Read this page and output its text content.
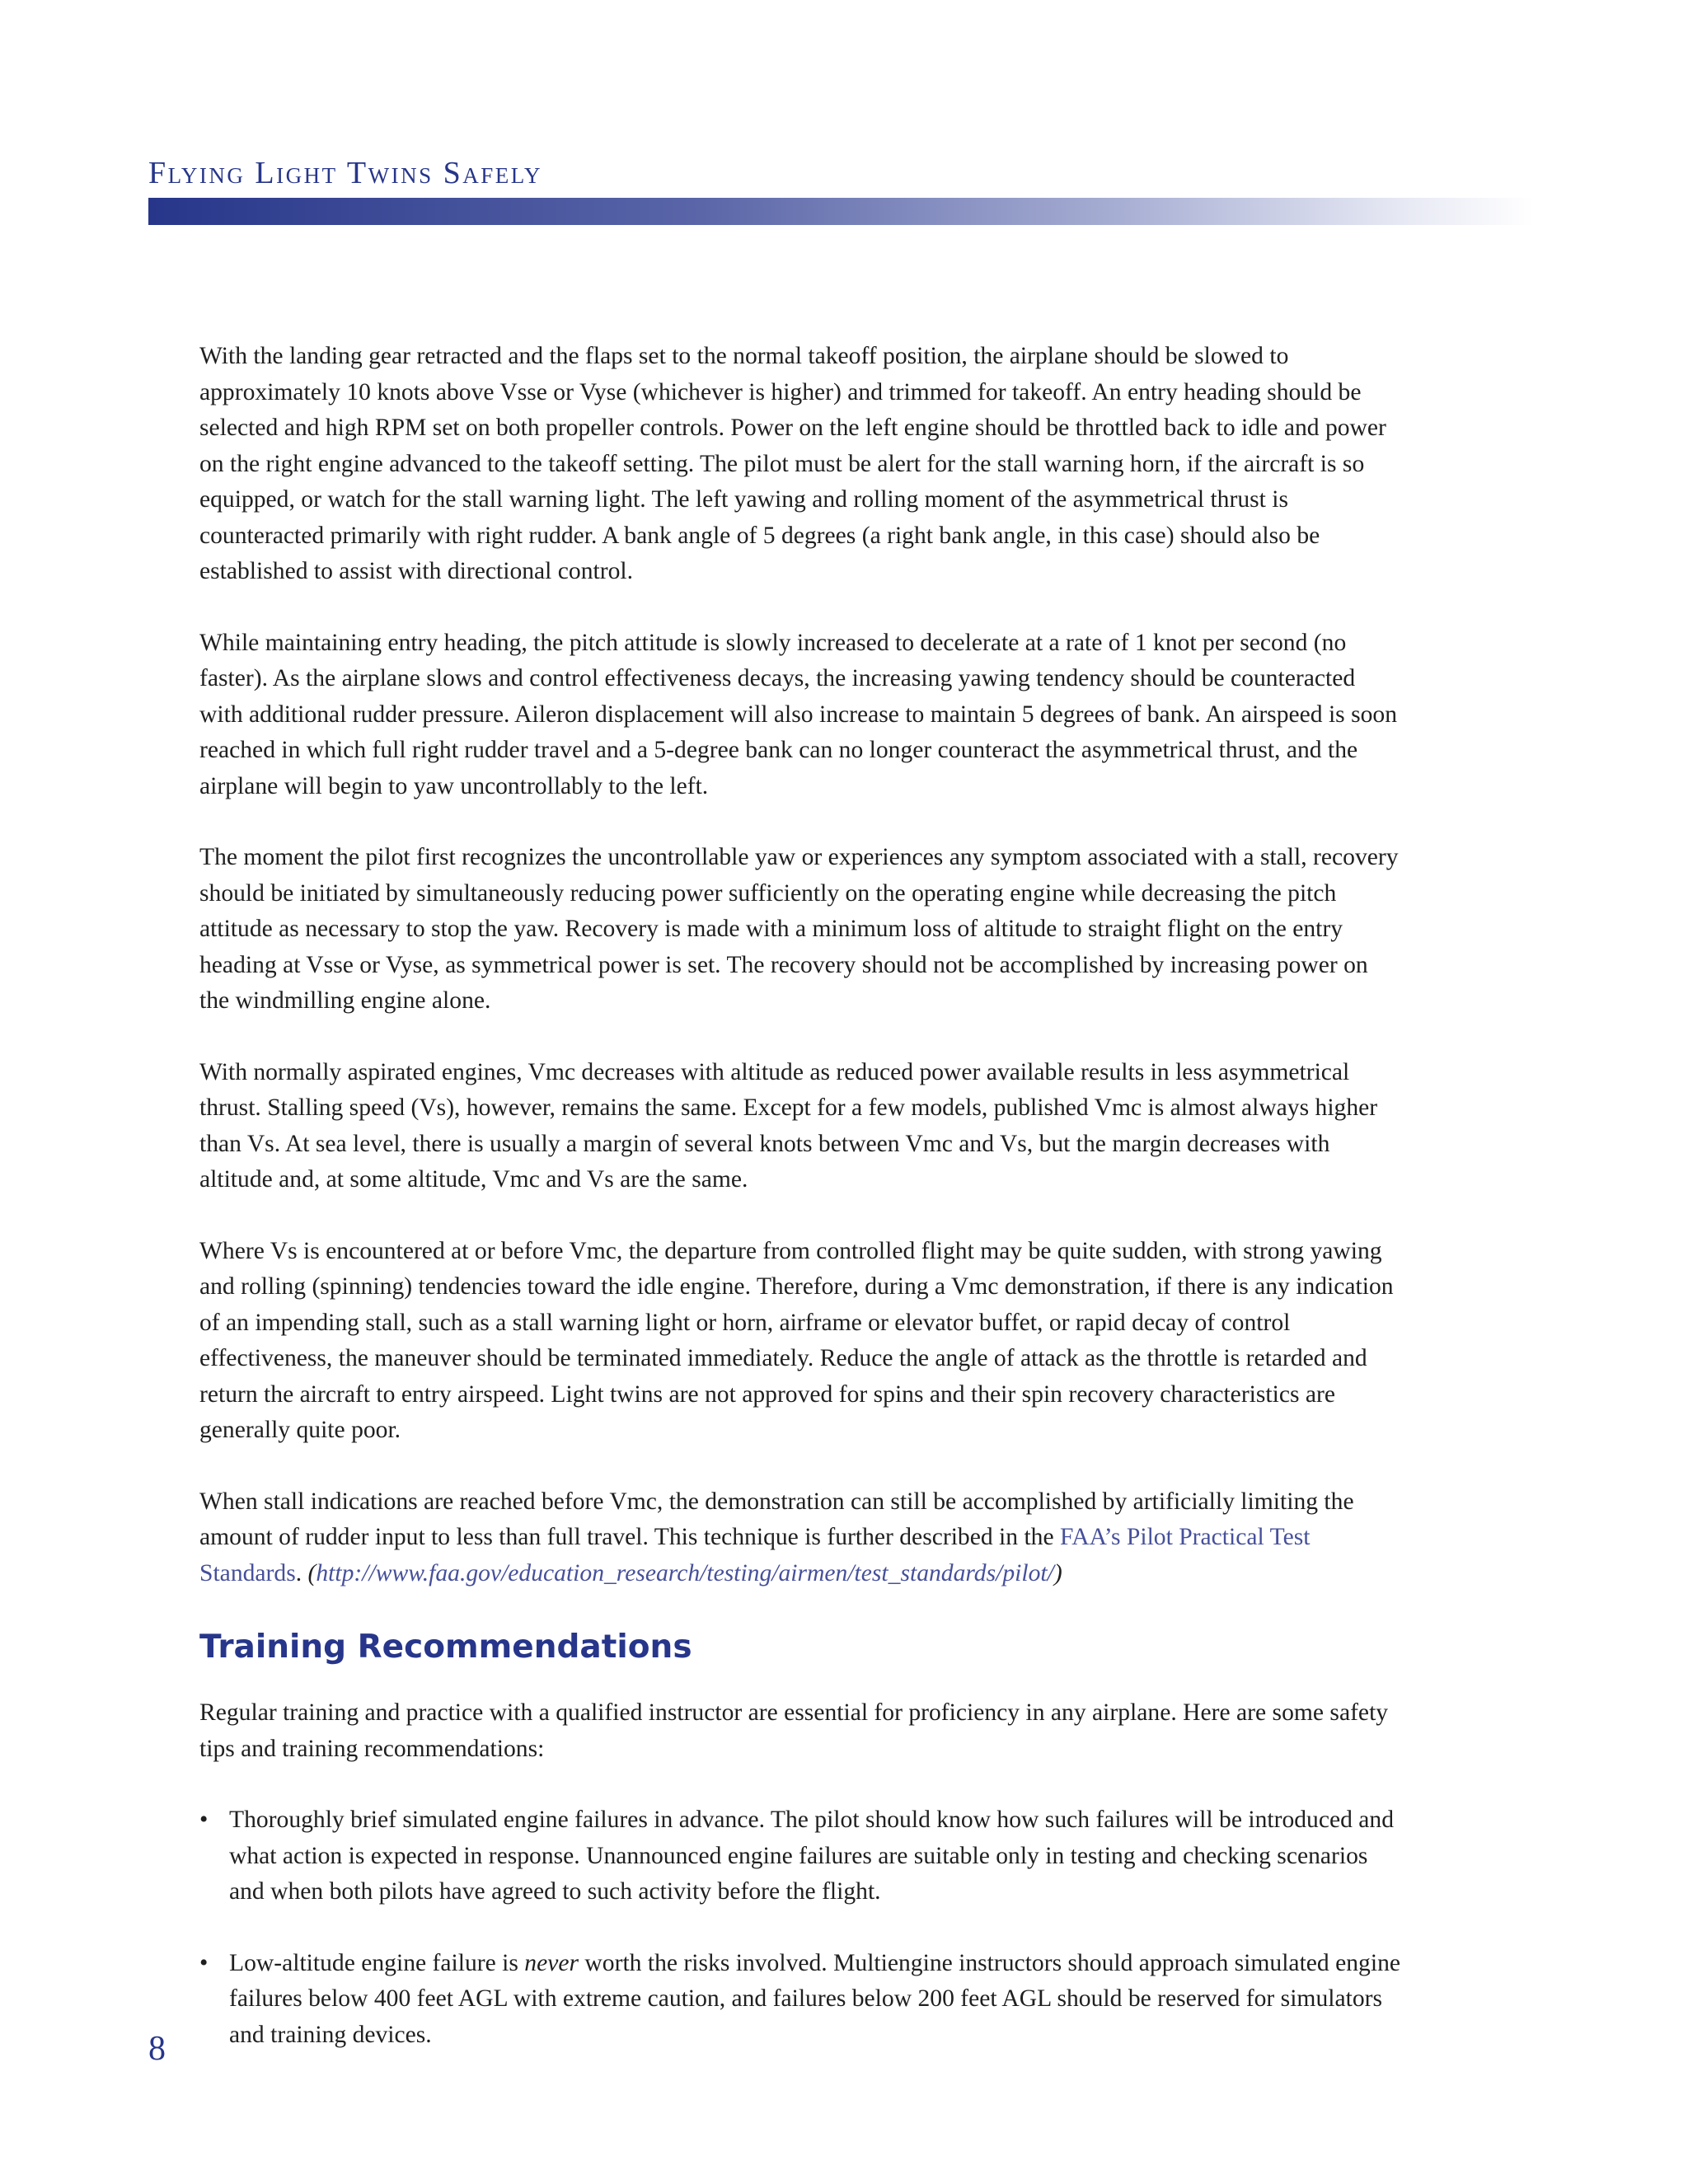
Flying Light Twins Safely

With the landing gear retracted and the flaps set to the normal takeoff position, the airplane should be slowed to approximately 10 knots above Vsse or Vyse (whichever is higher) and trimmed for takeoff. An entry heading should be selected and high RPM set on both propeller controls. Power on the left engine should be throttled back to idle and power on the right engine advanced to the takeoff setting. The pilot must be alert for the stall warning horn, if the aircraft is so equipped, or watch for the stall warning light. The left yawing and rolling moment of the asymmetrical thrust is counteracted primarily with right rudder. A bank angle of 5 degrees (a right bank angle, in this case) should also be established to assist with directional control.

While maintaining entry heading, the pitch attitude is slowly increased to decelerate at a rate of 1 knot per second (no faster). As the airplane slows and control effectiveness decays, the increasing yawing tendency should be counteracted with additional rudder pressure. Aileron displacement will also increase to maintain 5 degrees of bank. An airspeed is soon reached in which full right rudder travel and a 5-degree bank can no longer counteract the asymmetrical thrust, and the airplane will begin to yaw uncontrollably to the left.

The moment the pilot first recognizes the uncontrollable yaw or experiences any symptom associated with a stall, recovery should be initiated by simultaneously reducing power sufficiently on the operating engine while decreasing the pitch attitude as necessary to stop the yaw. Recovery is made with a minimum loss of altitude to straight flight on the entry heading at Vsse or Vyse, as symmetrical power is set. The recovery should not be accomplished by increasing power on the windmilling engine alone.

With normally aspirated engines, Vmc decreases with altitude as reduced power available results in less asymmetrical thrust. Stalling speed (Vs), however, remains the same. Except for a few models, published Vmc is almost always higher than Vs. At sea level, there is usually a margin of several knots between Vmc and Vs, but the margin decreases with altitude and, at some altitude, Vmc and Vs are the same.

Where Vs is encountered at or before Vmc, the departure from controlled flight may be quite sudden, with strong yawing and rolling (spinning) tendencies toward the idle engine. Therefore, during a Vmc demonstration, if there is any indication of an impending stall, such as a stall warning light or horn, airframe or elevator buffet, or rapid decay of control effectiveness, the maneuver should be terminated immediately. Reduce the angle of attack as the throttle is retarded and return the aircraft to entry airspeed. Light twins are not approved for spins and their spin recovery characteristics are generally quite poor.

When stall indications are reached before Vmc, the demonstration can still be accomplished by artificially limiting the amount of rudder input to less than full travel. This technique is further described in the FAA’s Pilot Practical Test Standards. (http://www.faa.gov/education_research/testing/airmen/test_standards/pilot/)

Training Recommendations

Regular training and practice with a qualified instructor are essential for proficiency in any airplane. Here are some safety tips and training recommendations:

• Thoroughly brief simulated engine failures in advance. The pilot should know how such failures will be introduced and what action is expected in response. Unannounced engine failures are suitable only in testing and checking scenarios and when both pilots have agreed to such activity before the flight.
• Low-altitude engine failure is never worth the risks involved. Multiengine instructors should approach simulated engine failures below 400 feet AGL with extreme caution, and failures below 200 feet AGL should be reserved for simulators and training devices.
8
